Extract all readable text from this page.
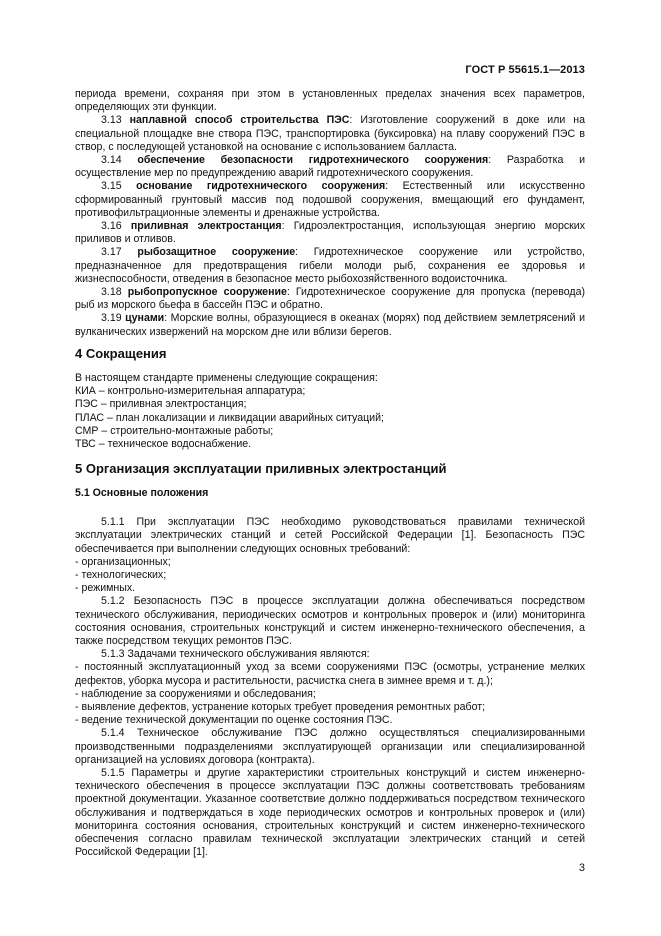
ГОСТ Р 55615.1—2013

периода времени, сохраняя при этом в установленных пределах значения всех параметров, определяющих эти функции.

3.13 наплавной способ строительства ПЭС: Изготовление сооружений в доке или на специальной площадке вне створа ПЭС, транспортировка (буксировка) на плаву сооружений ПЭС в створ, с последующей установкой на основание с использованием балласта.

3.14 обеспечение безопасности гидротехнического сооружения: Разработка и осуществление мер по предупреждению аварий гидротехнического сооружения.

3.15 основание гидротехнического сооружения: Естественный или искусственно сформированный грунтовый массив под подошвой сооружения, вмещающий его фундамент, противофильтрационные элементы и дренажные устройства.

3.16 приливная электростанция: Гидроэлектростанция, использующая энергию морских приливов и отливов.

3.17 рыбозащитное сооружение: Гидротехническое сооружение или устройство, предназначенное для предотвращения гибели молоди рыб, сохранения ее здоровья и жизнеспособности, отведения в безопасное место рыбохозяйственного водоисточника.

3.18 рыбопропускное сооружение: Гидротехническое сооружение для пропуска (перевода) рыб из морского бьефа в бассейн ПЭС и обратно.

3.19 цунами: Морские волны, образующиеся в океанах (морях) под действием землетрясений и вулканических извержений на морском дне или вблизи берегов.

4 Сокращения

В настоящем стандарте применены следующие сокращения:

КИА – контрольно-измерительная аппаратура;

ПЭС – приливная электростанция;

ПЛАС – план локализации и ликвидации аварийных ситуаций;

СМР – строительно-монтажные работы;

ТВС – техническое водоснабжение.

5 Организация эксплуатации приливных электростанций

5.1 Основные положения

5.1.1 При эксплуатации ПЭС необходимо руководствоваться правилами технической эксплуатации электрических станций и сетей Российской Федерации [1]. Безопасность ПЭС обеспечивается при выполнении следующих основных требований:

- организационных;

- технологических;

- режимных.

5.1.2 Безопасность ПЭС в процессе эксплуатации должна обеспечиваться посредством технического обслуживания, периодических осмотров и контрольных проверок и (или) мониторинга состояния основания, строительных конструкций и систем инженерно-технического обеспечения, а также посредством текущих ремонтов ПЭС.

5.1.3 Задачами технического обслуживания являются:

- постоянный эксплуатационный уход за всеми сооружениями ПЭС (осмотры, устранение мелких дефектов, уборка мусора и растительности, расчистка снега в зимнее время и т. д.);

- наблюдение за сооружениями и обследования;

- выявление дефектов, устранение которых требует проведения ремонтных работ;

- ведение технической документации по оценке состояния ПЭС.

5.1.4 Техническое обслуживание ПЭС должно осуществляться специализированными производственными подразделениями эксплуатирующей организации или специализированной организацией на условиях договора (контракта).

5.1.5 Параметры и другие характеристики строительных конструкций и систем инженерно-технического обеспечения в процессе эксплуатации ПЭС должны соответствовать требованиям проектной документации. Указанное соответствие должно поддерживаться посредством технического обслуживания и подтверждаться в ходе периодических осмотров и контрольных проверок и (или) мониторинга состояния основания, строительных конструкций и систем инженерно-технического обеспечения согласно правилам технической эксплуатации электрических станций и сетей Российской Федерации [1].

3
